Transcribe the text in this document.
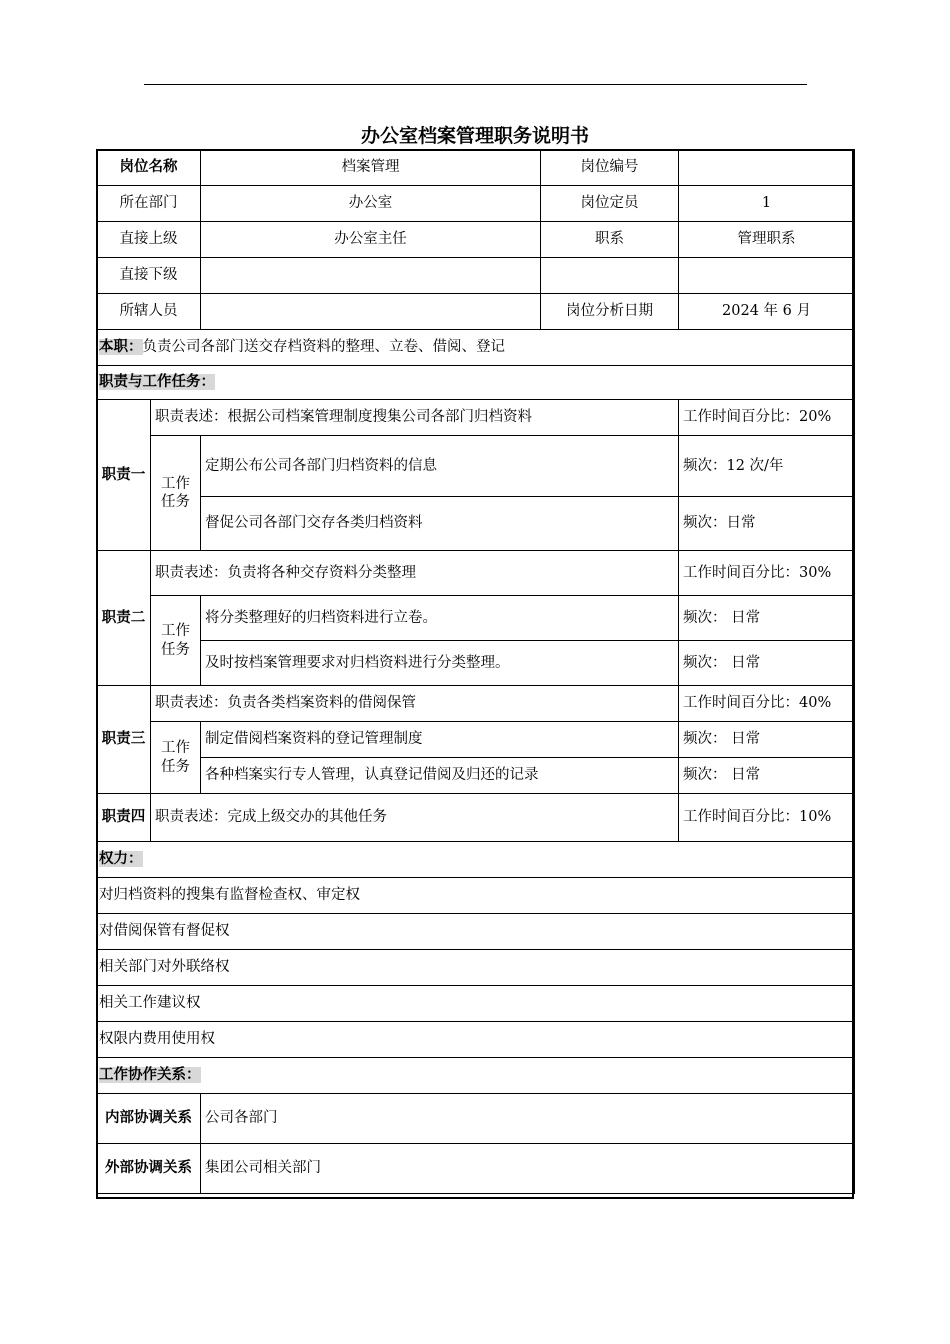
办公室档案管理职务说明书
岗位名称		档案管理	岗位编号	
所在部门		办公室	岗位定员	1
直接上级		办公室主任	职系	管理职系
直接下级				
所辖人员			岗位分析日期	2024 年 6 月
本职：负责公司各部门送交存档资料的整理、立卷、借阅、登记				
职责与工作任务：				
职责一	职责表述：根据公司档案管理制度搜集公司各部门归档资料			工作时间百分比：20%
	工作任务	定期公布公司各部门归档资料的信息		频次：12 次/年
		督促公司各部门交存各类归档资料		频次：日常
职责二	职责表述：负责将各种交存资料分类整理			工作时间百分比：30%
	工作任务	将分类整理好的归档资料进行立卷。		频次： 日常
		及时按档案管理要求对归档资料进行分类整理。		频次： 日常
职责三	职责表述：负责各类档案资料的借阅保管			工作时间百分比：40%
	工作任务	制定借阅档案资料的登记管理制度		频次： 日常
		各种档案实行专人管理，认真登记借阅及归还的记录		频次： 日常
职责四	职责表述：完成上级交办的其他任务			工作时间百分比：10%
权力：				
对归档资料的搜集有监督检查权、审定权				
对借阅保管有督促权				
相关部门对外联络权				
相关工作建议权				
权限内费用使用权				
工作协作关系：				
内部协调关系		公司各部门		
外部协调关系		集团公司相关部门		
